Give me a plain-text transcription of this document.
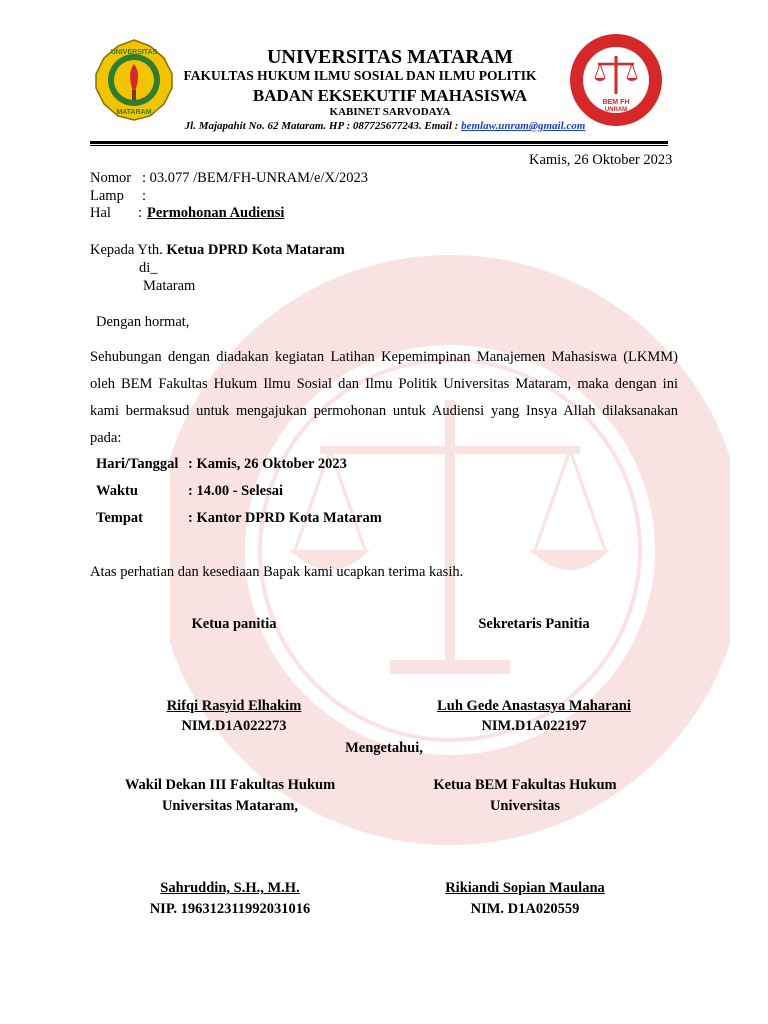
UNIVERSITAS
MATARAM
BEM FH
UNRAM
UNIVERSITAS MATARAM
FAKULTAS HUKUM ILMU SOSIAL DAN ILMU POLITIK
BADAN EKSEKUTIF MAHASISWA
KABINET SARVODAYA
Jl. Majapahit No. 62 Mataram. HP : 087725677243. Email : bemlaw.unram@gmail.com
Kamis, 26 Oktober 2023
Nomor : 03.077 /BEM/FH-UNRAM/e/X/2023
Lamp :
Hal : Permohonan Audiensi
Kepada Yth. Ketua DPRD Kota Mataram
di_
Mataram
Dengan hormat,
Sehubungan dengan diadakan kegiatan Latihan Kepemimpinan Manajemen Mahasiswa (LKMM) oleh BEM Fakultas Hukum Ilmu Sosial dan Ilmu Politik Universitas Mataram, maka dengan ini kami bermaksud untuk mengajukan permohonan untuk Audiensi yang Insya Allah dilaksanakan pada:
Hari/Tanggal : Kamis, 26 Oktober 2023
Waktu	: 14.00 - Selesai
Tempat	: Kantor DPRD Kota Mataram
Atas perhatian dan kesediaan Bapak kami ucapkan terima kasih.
Ketua panitia	Sekretaris Panitia
Rifqi Rasyid Elhakim
NIM.D1A022273
Luh Gede Anastasya Maharani
NIM.D1A022197
Mengetahui,
Wakil Dekan III Fakultas Hukum
Universitas Mataram,
Ketua BEM Fakultas Hukum
Universitas
Sahruddin, S.H., M.H.
NIP. 196312311992031016
Rikiandi Sopian Maulana
NIM. D1A020559
